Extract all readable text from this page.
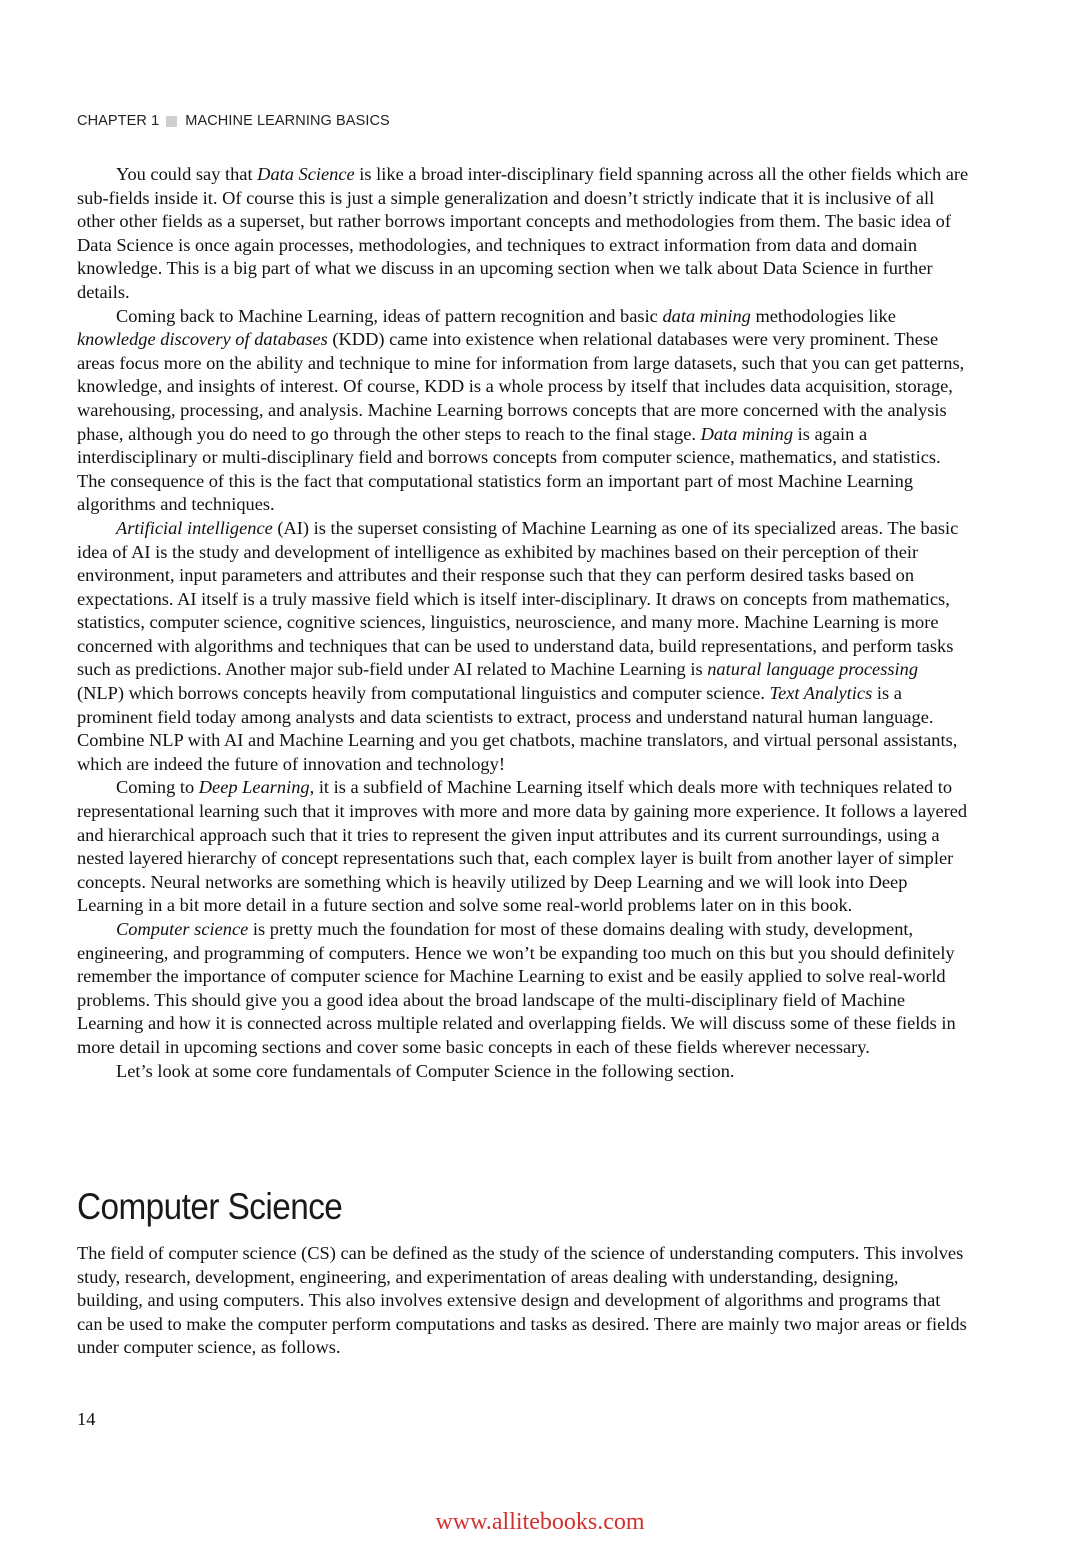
CHAPTER 1 MACHINE LEARNING BASICS

You could say that Data Science is like a broad inter-disciplinary field spanning across all the other fields which are sub-fields inside it. Of course this is just a simple generalization and doesn’t strictly indicate that it is inclusive of all other other fields as a superset, but rather borrows important concepts and methodologies from them. The basic idea of Data Science is once again processes, methodologies, and techniques to extract information from data and domain knowledge. This is a big part of what we discuss in an upcoming section when we talk about Data Science in further details.

Coming back to Machine Learning, ideas of pattern recognition and basic data mining methodologies like knowledge discovery of databases (KDD) came into existence when relational databases were very prominent. These areas focus more on the ability and technique to mine for information from large datasets, such that you can get patterns, knowledge, and insights of interest. Of course, KDD is a whole process by itself that includes data acquisition, storage, warehousing, processing, and analysis. Machine Learning borrows concepts that are more concerned with the analysis phase, although you do need to go through the other steps to reach to the final stage. Data mining is again a interdisciplinary or multi-disciplinary field and borrows concepts from computer science, mathematics, and statistics. The consequence of this is the fact that computational statistics form an important part of most Machine Learning algorithms and techniques.

Artificial intelligence (AI) is the superset consisting of Machine Learning as one of its specialized areas. The basic idea of AI is the study and development of intelligence as exhibited by machines based on their perception of their environment, input parameters and attributes and their response such that they can perform desired tasks based on expectations. AI itself is a truly massive field which is itself inter-disciplinary. It draws on concepts from mathematics, statistics, computer science, cognitive sciences, linguistics, neuroscience, and many more. Machine Learning is more concerned with algorithms and techniques that can be used to understand data, build representations, and perform tasks such as predictions. Another major sub-field under AI related to Machine Learning is natural language processing (NLP) which borrows concepts heavily from computational linguistics and computer science. Text Analytics is a prominent field today among analysts and data scientists to extract, process and understand natural human language. Combine NLP with AI and Machine Learning and you get chatbots, machine translators, and virtual personal assistants, which are indeed the future of innovation and technology!

Coming to Deep Learning, it is a subfield of Machine Learning itself which deals more with techniques related to representational learning such that it improves with more and more data by gaining more experience. It follows a layered and hierarchical approach such that it tries to represent the given input attributes and its current surroundings, using a nested layered hierarchy of concept representations such that, each complex layer is built from another layer of simpler concepts. Neural networks are something which is heavily utilized by Deep Learning and we will look into Deep Learning in a bit more detail in a future section and solve some real-world problems later on in this book.

Computer science is pretty much the foundation for most of these domains dealing with study, development, engineering, and programming of computers. Hence we won’t be expanding too much on this but you should definitely remember the importance of computer science for Machine Learning to exist and be easily applied to solve real-world problems. This should give you a good idea about the broad landscape of the multi-disciplinary field of Machine Learning and how it is connected across multiple related and overlapping fields. We will discuss some of these fields in more detail in upcoming sections and cover some basic concepts in each of these fields wherever necessary.

Let’s look at some core fundamentals of Computer Science in the following section.

Computer Science

The field of computer science (CS) can be defined as the study of the science of understanding computers. This involves study, research, development, engineering, and experimentation of areas dealing with understanding, designing, building, and using computers. This also involves extensive design and development of algorithms and programs that can be used to make the computer perform computations and tasks as desired. There are mainly two major areas or fields under computer science, as follows.

14
www.allitebooks.com
